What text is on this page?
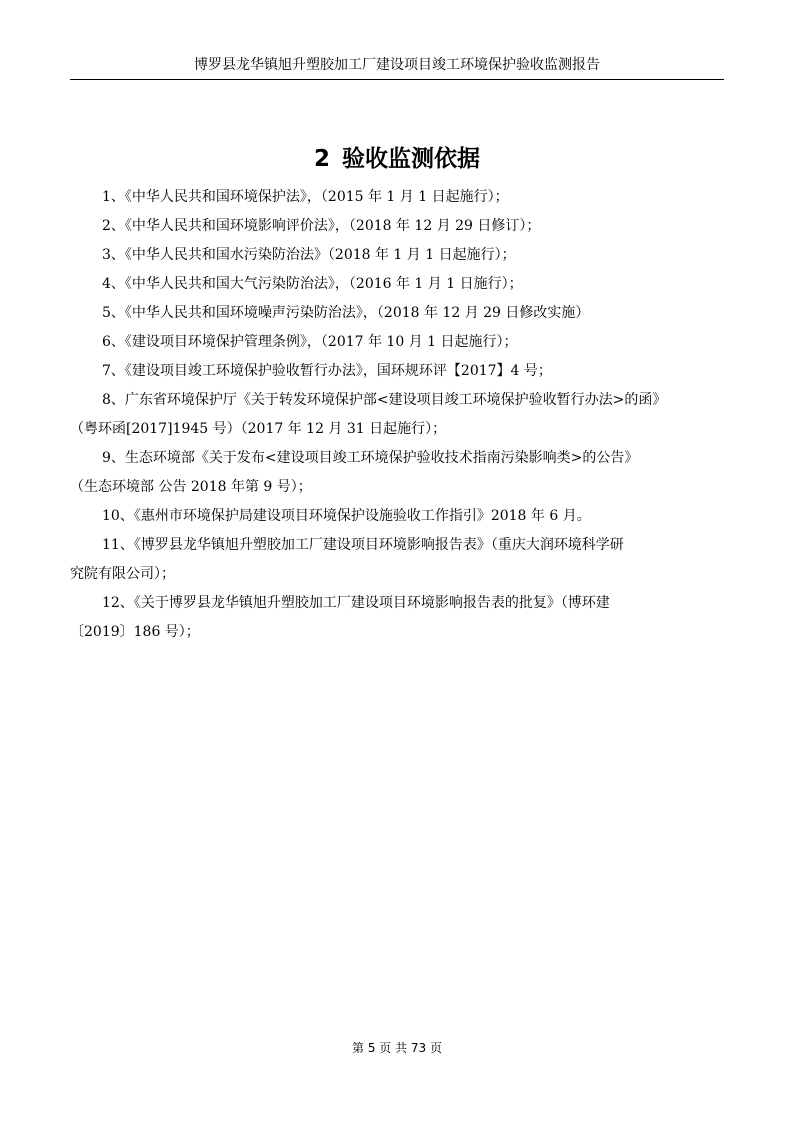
博罗县龙华镇旭升塑胶加工厂建设项目竣工环境保护验收监测报告
2 验收监测依据
1、《中华人民共和国环境保护法》，（2015 年 1 月 1 日起施行）；
2、《中华人民共和国环境影响评价法》，（2018 年 12 月 29 日修订）；
3、《中华人民共和国水污染防治法》（2018 年 1 月 1 日起施行）；
4、《中华人民共和国大气污染防治法》，（2016 年 1 月 1 日施行）；
5、《中华人民共和国环境噪声污染防治法》，（2018 年 12 月 29 日修改实施）
6、《建设项目环境保护管理条例》，（2017 年 10 月 1 日起施行）；
7、《建设项目竣工环境保护验收暂行办法》，国环规环评【2017】4 号；
8、广东省环境保护厅《关于转发环境保护部<建设项目竣工环境保护验收暂行办法>的函》
（粤环函[2017]1945 号）（2017 年 12 月 31 日起施行）；
9、生态环境部《关于发布<建设项目竣工环境保护验收技术指南污染影响类>的公告》
（生态环境部 公告 2018 年第 9 号）；
10、《惠州市环境保护局建设项目环境保护设施验收工作指引》2018 年 6 月。
11、《博罗县龙华镇旭升塑胶加工厂建设项目环境影响报告表》（重庆大润环境科学研
究院有限公司）；
12、《关于博罗县龙华镇旭升塑胶加工厂建设项目环境影响报告表的批复》（博环建
〔2019〕186 号）；
第 5 页 共 73 页
